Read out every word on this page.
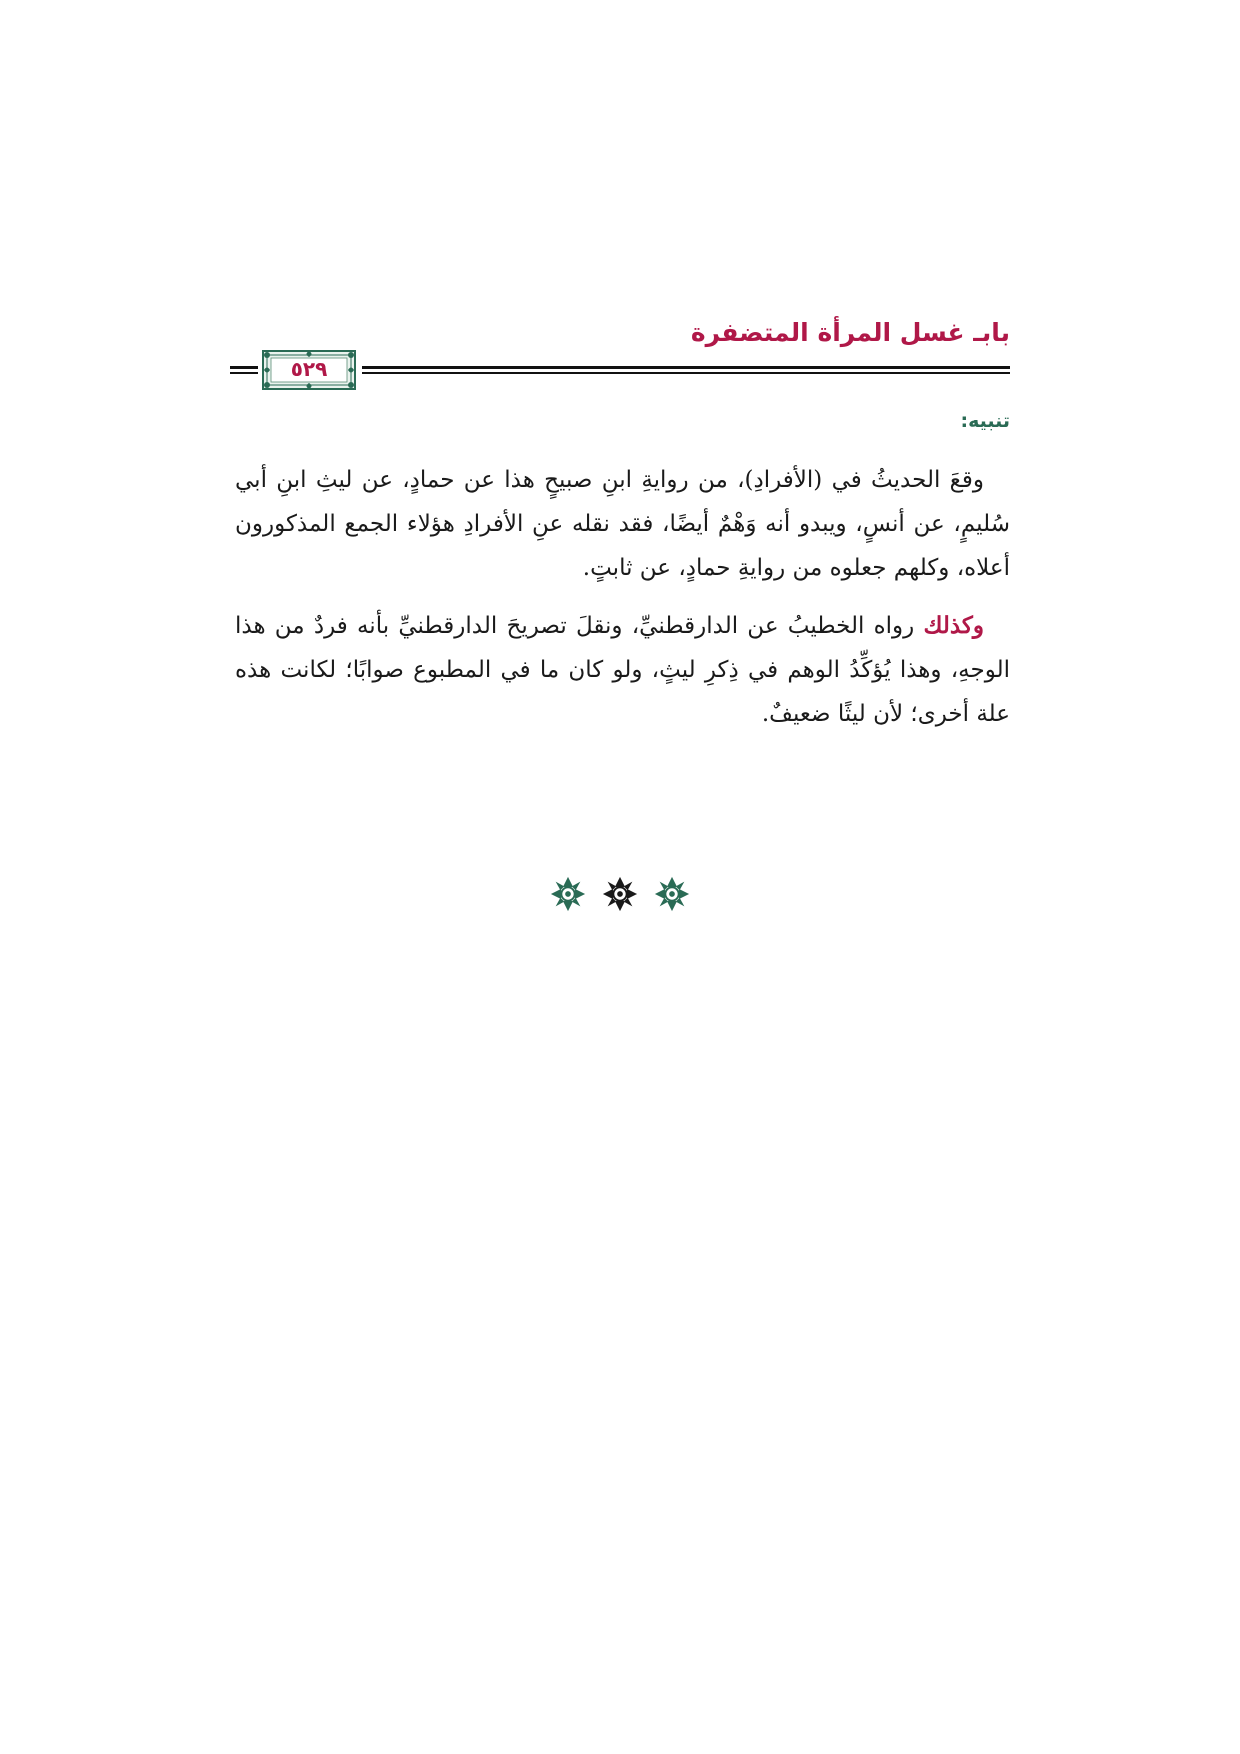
بابـ غسل المرأة المتضفرة
٥٢٩
تنبيه:

وقعَ الحديثُ في (الأفرادِ)، من روايةِ ابنِ صبيحٍ هذا عن حمادٍ، عن ليثِ ابنِ أبي سُليمٍ، عن أنسٍ، ويبدو أنه وَهْمٌ أيضًا، فقد نقله عنِ الأفرادِ هؤلاء الجمع المذكورون أعلاه، وكلهم جعلوه من روايةِ حمادٍ، عن ثابتٍ.

وكذلك رواه الخطيبُ عن الدارقطنيِّ، ونقلَ تصريحَ الدارقطنيِّ بأنه فردٌ من هذا الوجهِ، وهذا يُؤكِّدُ الوهم في ذِكرِ ليثٍ، ولو كان ما في المطبوع صوابًا؛ لكانت هذه علة أخرى؛ لأن ليثًا ضعيفٌ.
